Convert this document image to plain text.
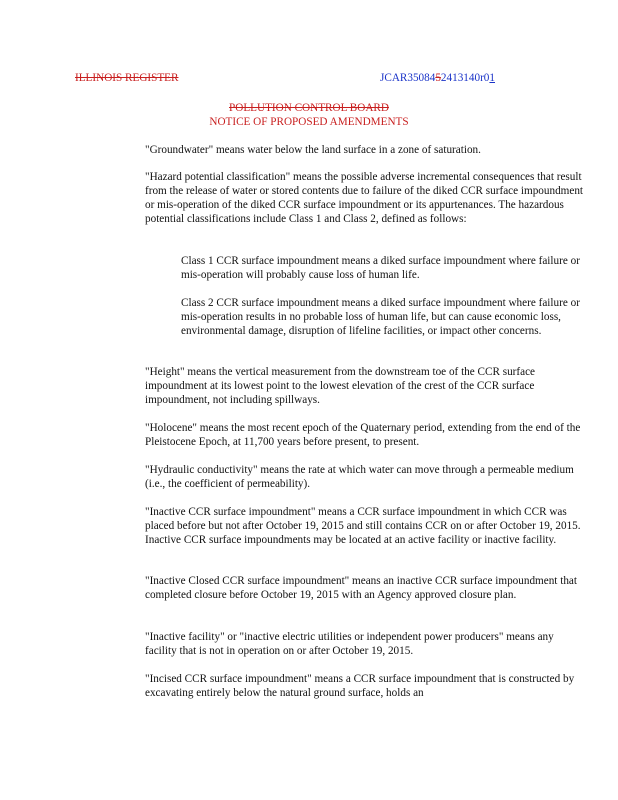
ILLINOIS REGISTER	JCAR3508452413140r01
POLLUTION CONTROL BOARD
NOTICE OF PROPOSED AMENDMENTS

"Groundwater" means water below the land surface in a zone of saturation.

"Hazard potential classification" means the possible adverse incremental consequences that result from the release of water or stored contents due to failure of the diked CCR surface impoundment or mis-operation of the diked CCR surface impoundment or its appurtenances. The hazardous potential classifications include Class 1 and Class 2, defined as follows:

Class 1 CCR surface impoundment means a diked surface impoundment where failure or mis-operation will probably cause loss of human life.

Class 2 CCR surface impoundment means a diked surface impoundment where failure or mis-operation results in no probable loss of human life, but can cause economic loss, environmental damage, disruption of lifeline facilities, or impact other concerns.

"Height" means the vertical measurement from the downstream toe of the CCR surface impoundment at its lowest point to the lowest elevation of the crest of the CCR surface impoundment, not including spillways.

"Holocene" means the most recent epoch of the Quaternary period, extending from the end of the Pleistocene Epoch, at 11,700 years before present, to present.

"Hydraulic conductivity" means the rate at which water can move through a permeable medium (i.e., the coefficient of permeability).

"Inactive CCR surface impoundment" means a CCR surface impoundment in which CCR was placed before but not after October 19, 2015 and still contains CCR on or after October 19, 2015. Inactive CCR surface impoundments may be located at an active facility or inactive facility.

"Inactive Closed CCR surface impoundment" means an inactive CCR surface impoundment that completed closure before October 19, 2015 with an Agency approved closure plan.

"Inactive facility" or "inactive electric utilities or independent power producers" means any facility that is not in operation on or after October 19, 2015.

"Incised CCR surface impoundment" means a CCR surface impoundment that is constructed by excavating entirely below the natural ground surface, holds an
